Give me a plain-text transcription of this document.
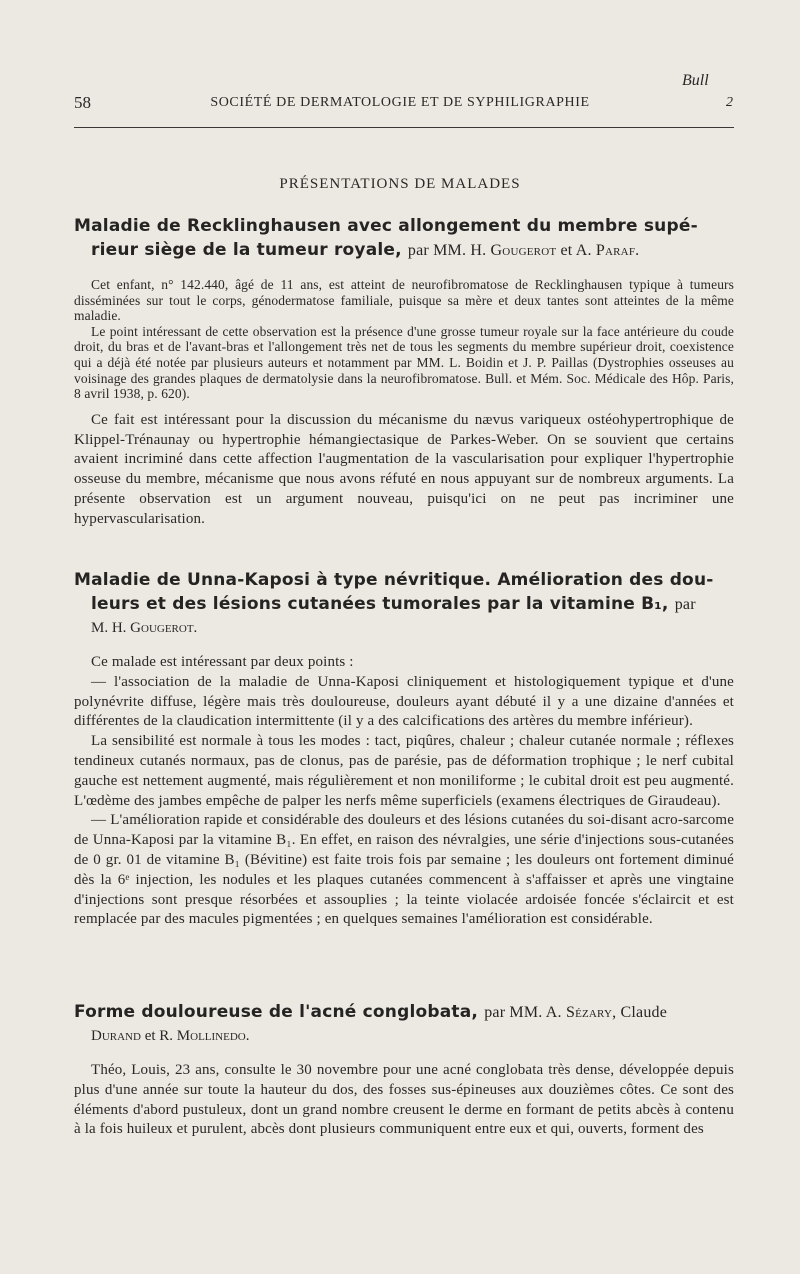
Bull
58	SOCIÉTÉ DE DERMATOLOGIE ET DE SYPHILIGRAPHIE	2
PRÉSENTATIONS DE MALADES
Maladie de Recklinghausen avec allongement du membre supé-
rieur siège de la tumeur royale, par MM. H. Gougerot et A. Paraf.

Cet enfant, n° 142.440, âgé de 11 ans, est atteint de neurofibromatose de Recklinghausen typique à tumeurs disséminées sur tout le corps, génodermatose familiale, puisque sa mère et deux tantes sont atteintes de la même maladie.

Le point intéressant de cette observation est la présence d'une grosse tumeur royale sur la face antérieure du coude droit, du bras et de l'avant-bras et l'allongement très net de tous les segments du membre supérieur droit, coexistence qui a déjà été notée par plusieurs auteurs et notamment par MM. L. Boidin et J. P. Paillas (Dystrophies osseuses au voisinage des grandes plaques de dermatolysie dans la neurofibromatose. Bull. et Mém. Soc. Médicale des Hôp. Paris, 8 avril 1938, p. 620).

Ce fait est intéressant pour la discussion du mécanisme du nævus variqueux ostéohypertrophique de Klippel-Trénaunay ou hypertrophie hémangiectasique de Parkes-Weber. On se souvient que certains avaient incriminé dans cette affection l'augmentation de la vascularisation pour expliquer l'hypertrophie osseuse du membre, mécanisme que nous avons réfuté en nous appuyant sur de nombreux arguments. La présente observation est un argument nouveau, puisqu'ici on ne peut pas incriminer une hypervascularisation.

Maladie de Unna-Kaposi à type névritique. Amélioration des dou-
leurs et des lésions cutanées tumorales par la vitamine B₁, par
M. H. Gougerot.

Ce malade est intéressant par deux points :

— l'association de la maladie de Unna-Kaposi cliniquement et histologiquement typique et d'une polynévrite diffuse, légère mais très douloureuse, douleurs ayant débuté il y a une dizaine d'années et différentes de la claudication intermittente (il y a des calcifications des artères du membre inférieur).

La sensibilité est normale à tous les modes : tact, piqûres, chaleur ; chaleur cutanée normale ; réflexes tendineux cutanés normaux, pas de clonus, pas de parésie, pas de déformation trophique ; le nerf cubital gauche est nettement augmenté, mais régulièrement et non moniliforme ; le cubital droit est peu augmenté. L'œdème des jambes empêche de palper les nerfs même superficiels (examens électriques de Giraudeau).

— L'amélioration rapide et considérable des douleurs et des lésions cutanées du soi-disant acro-sarcome de Unna-Kaposi par la vitamine B₁. En effet, en raison des névralgies, une série d'injections sous-cutanées de 0 gr. 01 de vitamine B₁ (Bévitine) est faite trois fois par semaine ; les douleurs ont fortement diminué dès la 6ᵉ injection, les nodules et les plaques cutanées commencent à s'affaisser et après une vingtaine d'injections sont presque résorbées et assouplies ; la teinte violacée ardoisée foncée s'éclaircit et est remplacée par des macules pigmentées ; en quelques semaines l'amélioration est considérable.

Forme douloureuse de l'acné conglobata, par MM. A. Sézary, Claude
Durand et R. Mollinedo.

Théo, Louis, 23 ans, consulte le 30 novembre pour une acné conglobata très dense, développée depuis plus d'une année sur toute la hauteur du dos, des fosses sus-épineuses aux douzièmes côtes. Ce sont des éléments d'abord pustuleux, dont un grand nombre creusent le derme en formant de petits abcès à contenu à la fois huileux et purulent, abcès dont plusieurs communiquent entre eux et qui, ouverts, forment des
